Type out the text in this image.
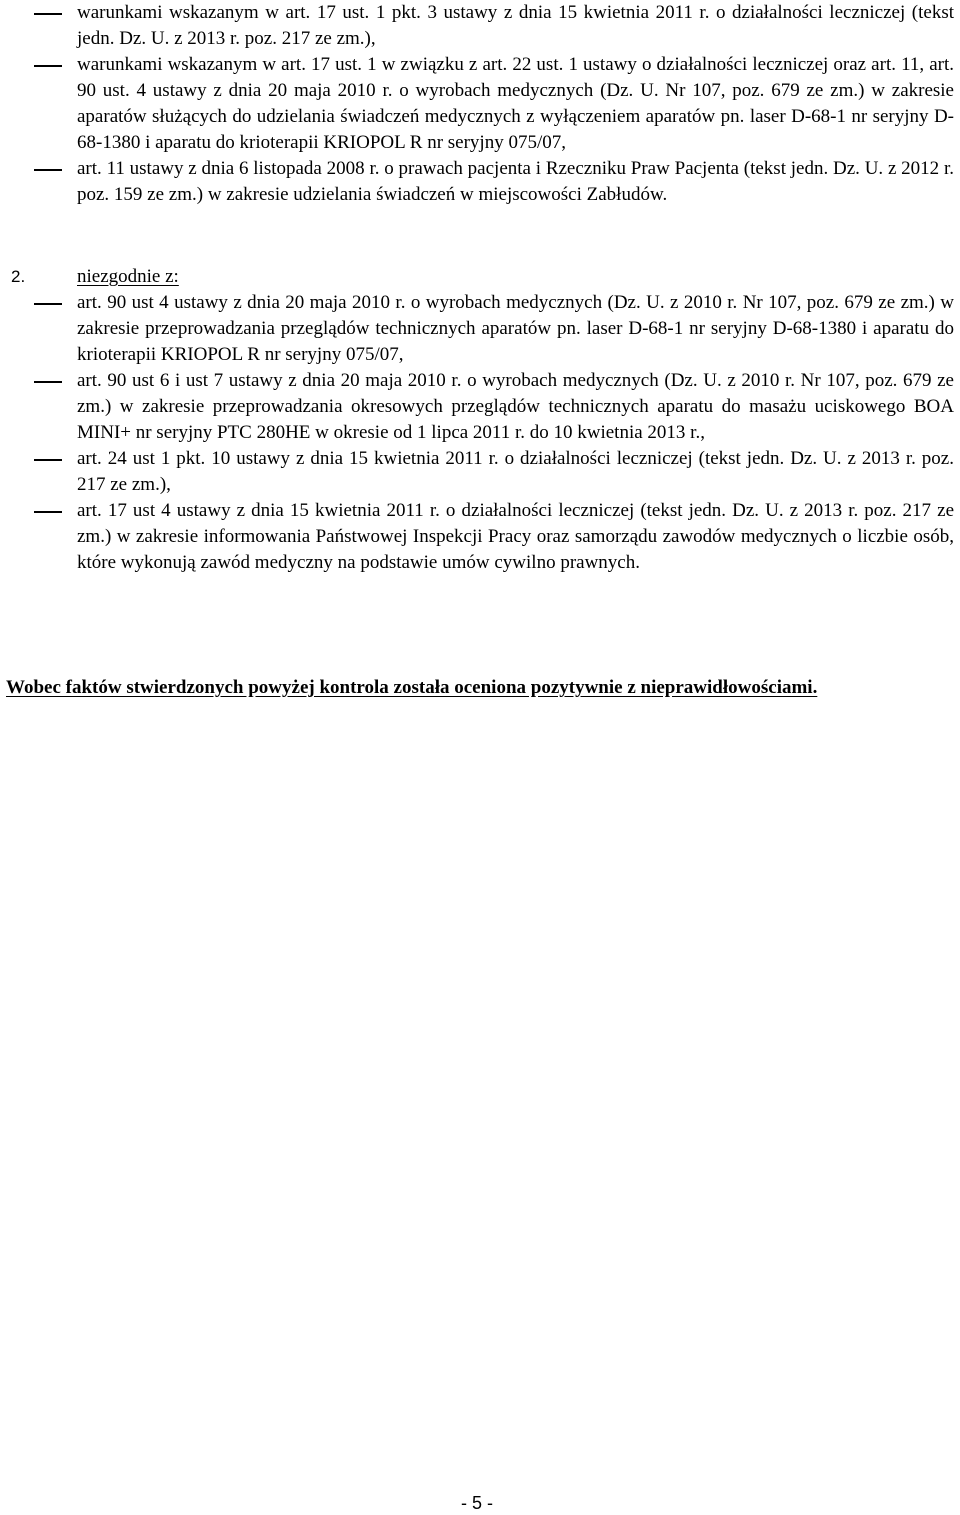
warunkami wskazanym w art. 17 ust. 1 pkt. 3 ustawy z dnia 15 kwietnia 2011 r. o działalności leczniczej (tekst jedn. Dz. U. z 2013 r. poz. 217 ze zm.),
warunkami wskazanym w art. 17 ust. 1 w związku z art. 22 ust. 1 ustawy o działalności leczniczej oraz art. 11, art. 90 ust. 4 ustawy z dnia 20 maja 2010 r. o wyrobach medycznych (Dz. U. Nr 107, poz. 679 ze zm.) w zakresie aparatów służących do udzielania świadczeń medycznych z wyłączeniem aparatów pn. laser D-68-1 nr seryjny D-68-1380 i aparatu do krioterapii KRIOPOL R nr seryjny 075/07,
art. 11 ustawy z dnia 6 listopada 2008 r. o prawach pacjenta i Rzeczniku Praw Pacjenta (tekst jedn. Dz. U. z 2012 r. poz. 159 ze zm.) w zakresie udzielania świadczeń w miejscowości Zabłudów.
2.	niezgodnie z:
art. 90 ust 4 ustawy z dnia 20 maja 2010 r. o wyrobach medycznych (Dz. U. z 2010 r. Nr 107, poz. 679 ze zm.) w zakresie przeprowadzania przeglądów technicznych aparatów pn. laser D-68-1 nr seryjny D-68-1380 i aparatu do krioterapii KRIOPOL R nr seryjny 075/07,
art. 90 ust 6 i ust 7 ustawy z dnia 20 maja 2010 r. o wyrobach medycznych (Dz. U. z 2010 r. Nr 107, poz. 679 ze zm.) w zakresie przeprowadzania okresowych przeglądów technicznych aparatu do masażu uciskowego BOA MINI+ nr seryjny PTC 280HE w okresie od 1 lipca 2011 r. do 10 kwietnia 2013 r.,
art. 24 ust 1 pkt. 10 ustawy z dnia 15 kwietnia 2011 r. o działalności leczniczej (tekst jedn. Dz. U. z 2013 r. poz. 217 ze zm.),
art. 17 ust 4 ustawy z dnia 15 kwietnia 2011 r. o działalności leczniczej (tekst jedn. Dz. U. z 2013 r. poz. 217 ze zm.) w zakresie informowania Państwowej Inspekcji Pracy oraz samorządu zawodów medycznych o liczbie osób, które wykonują zawód medyczny na podstawie umów cywilno prawnych.
Wobec faktów stwierdzonych powyżej kontrola została oceniona pozytywnie z nieprawidłowościami.
- 5 -
